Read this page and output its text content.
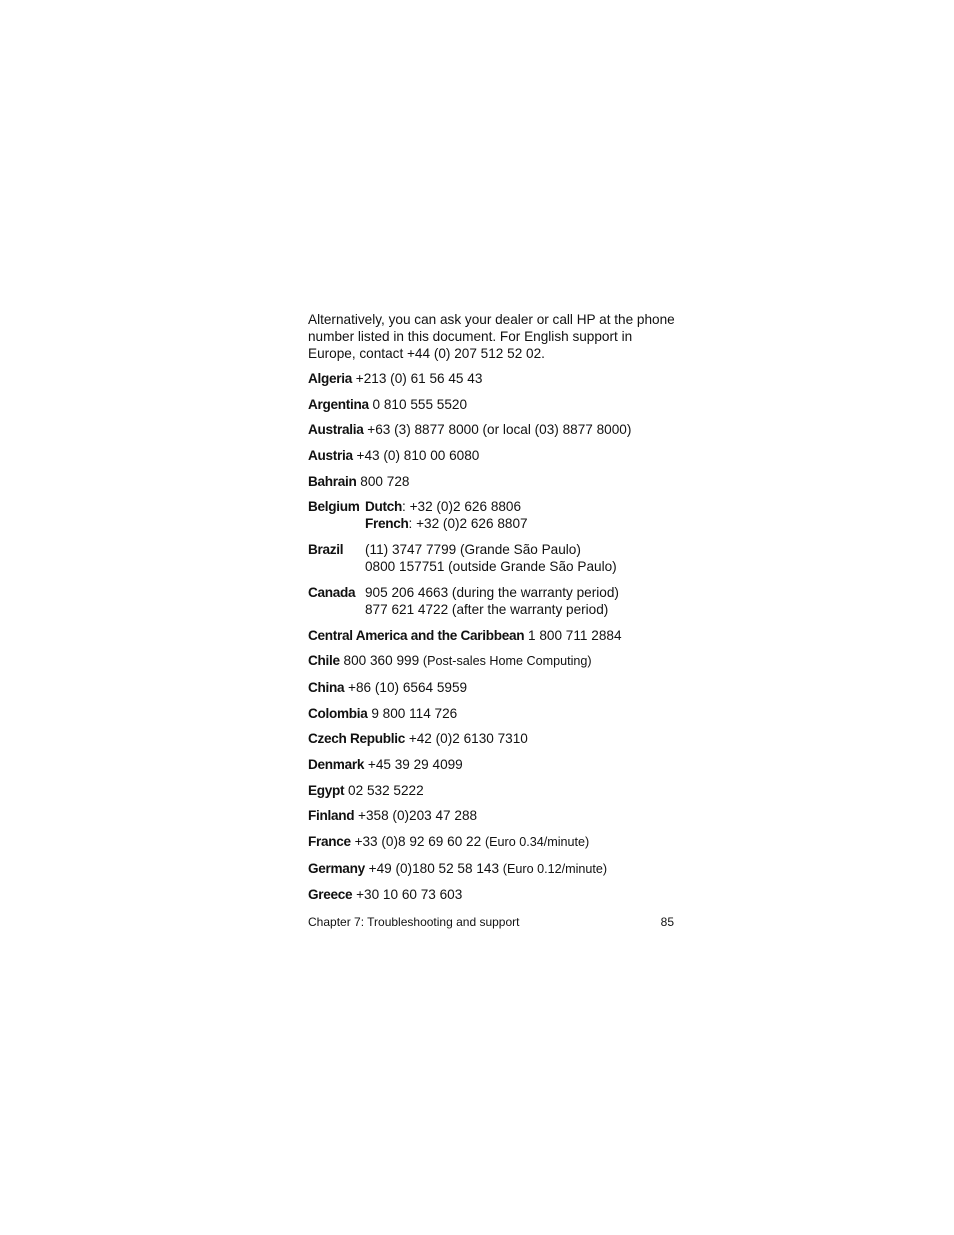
Alternatively, you can ask your dealer or call HP at the phone number listed in this document. For English support in Europe, contact +44 (0) 207 512 52 02.

Algeria +213 (0) 61 56 45 43
Argentina 0 810 555 5520
Australia +63 (3) 8877 8000 (or local (03) 8877 8000)
Austria +43 (0) 810 00 6080
Bahrain 800 728
Belgium Dutch: +32 (0)2 626 8806
French: +32 (0)2 626 8807
Brazil	(11) 3747 7799 (Grande São Paulo)
0800 157751 (outside Grande São Paulo)
Canada 905 206 4663 (during the warranty period)
877 621 4722 (after the warranty period)
Central America and the Caribbean 1 800 711 2884
Chile 800 360 999 (Post-sales Home Computing)
China +86 (10) 6564 5959
Colombia 9 800 114 726
Czech Republic +42 (0)2 6130 7310
Denmark +45 39 29 4099
Egypt 02 532 5222
Finland +358 (0)203 47 288
France +33 (0)8 92 69 60 22 (Euro 0.34/minute)
Germany +49 (0)180 52 58 143 (Euro 0.12/minute)
Greece +30 10 60 73 603
Chapter 7: Troubleshooting and support	85
